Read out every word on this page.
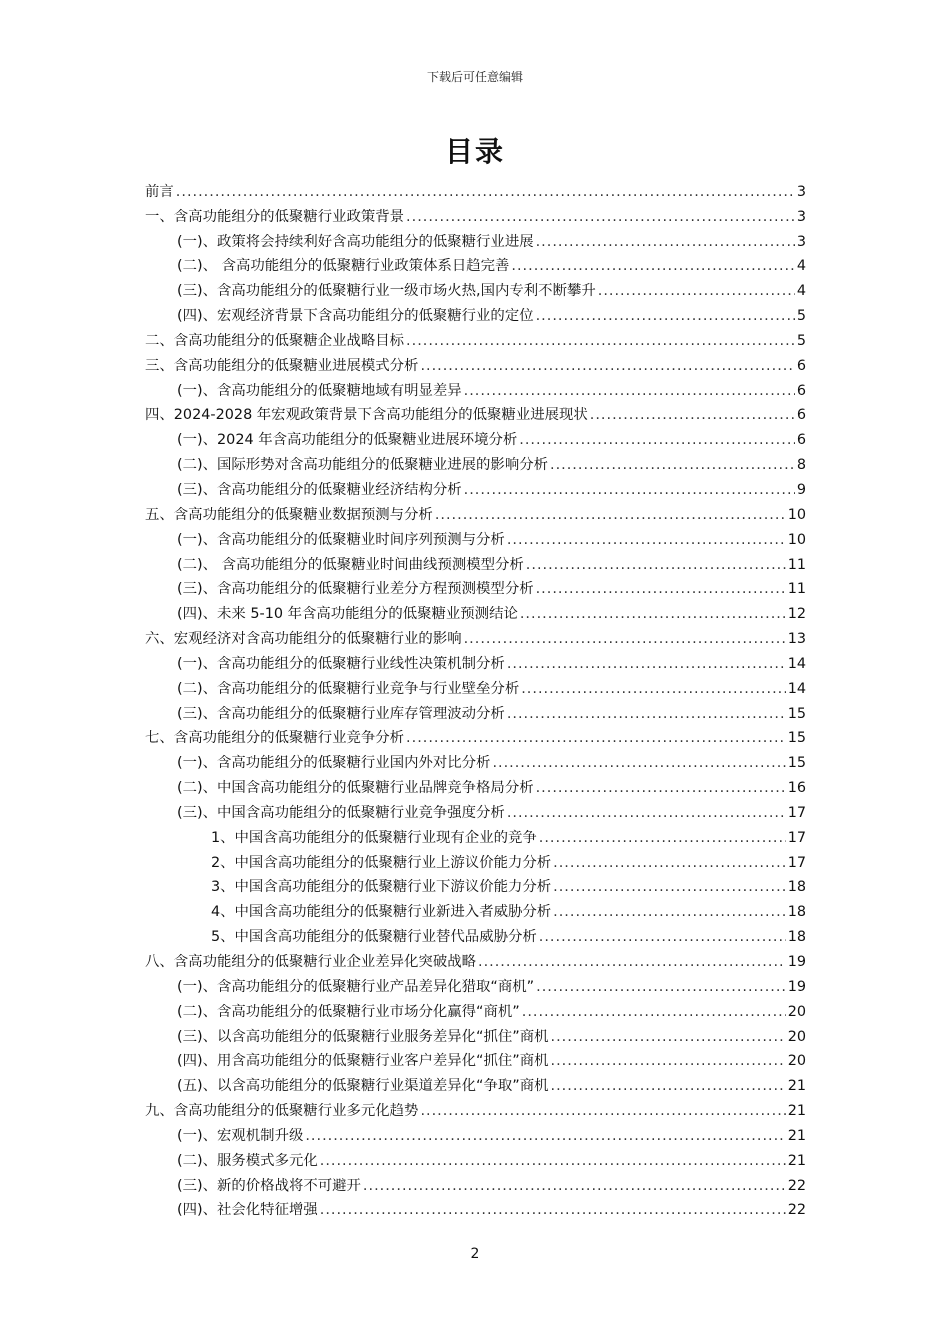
下载后可任意编辑
目录
前言 .....	3
一、含高功能组分的低聚糖行业政策背景 .....	3
(一)、政策将会持续利好含高功能组分的低聚糖行业进展 .....	3
(二)、 含高功能组分的低聚糖行业政策体系日趋完善 .....	4
(三)、含高功能组分的低聚糖行业一级市场火热,国内专利不断攀升 .....	4
(四)、宏观经济背景下含高功能组分的低聚糖行业的定位 .....	5
二、含高功能组分的低聚糖企业战略目标 .....	5
三、含高功能组分的低聚糖业进展模式分析 .....	6
(一)、含高功能组分的低聚糖地域有明显差异 .....	6
四、2024-2028 年宏观政策背景下含高功能组分的低聚糖业进展现状 .....	6
(一)、2024 年含高功能组分的低聚糖业进展环境分析 .....	6
(二)、国际形势对含高功能组分的低聚糖业进展的影响分析 .....	8
(三)、含高功能组分的低聚糖业经济结构分析 .....	9
五、含高功能组分的低聚糖业数据预测与分析 .....	10
(一)、含高功能组分的低聚糖业时间序列预测与分析 .....	10
(二)、 含高功能组分的低聚糖业时间曲线预测模型分析 .....	11
(三)、含高功能组分的低聚糖行业差分方程预测模型分析 .....	11
(四)、未来 5-10 年含高功能组分的低聚糖业预测结论 .....	12
六、宏观经济对含高功能组分的低聚糖行业的影响 .....	13
(一)、含高功能组分的低聚糖行业线性决策机制分析 .....	14
(二)、含高功能组分的低聚糖行业竞争与行业壁垒分析 .....	14
(三)、含高功能组分的低聚糖行业库存管理波动分析 .....	15
七、含高功能组分的低聚糖行业竞争分析 .....	15
(一)、含高功能组分的低聚糖行业国内外对比分析 .....	15
(二)、中国含高功能组分的低聚糖行业品牌竞争格局分析 .....	16
(三)、中国含高功能组分的低聚糖行业竞争强度分析 .....	17
1、中国含高功能组分的低聚糖行业现有企业的竞争 .....	17
2、中国含高功能组分的低聚糖行业上游议价能力分析 .....	17
3、中国含高功能组分的低聚糖行业下游议价能力分析 .....	18
4、中国含高功能组分的低聚糖行业新进入者威胁分析 .....	18
5、中国含高功能组分的低聚糖行业替代品威胁分析 .....	18
八、含高功能组分的低聚糖行业企业差异化突破战略 .....	19
(一)、含高功能组分的低聚糖行业产品差异化猎取“商机” .....	19
(二)、含高功能组分的低聚糖行业市场分化赢得“商机” .....	20
(三)、以含高功能组分的低聚糖行业服务差异化“抓住”商机 .....	20
(四)、用含高功能组分的低聚糖行业客户差异化“抓住”商机 .....	20
(五)、以含高功能组分的低聚糖行业渠道差异化“争取”商机 .....	21
九、含高功能组分的低聚糖行业多元化趋势 .....	21
(一)、宏观机制升级 .....	21
(二)、服务模式多元化 .....	21
(三)、新的价格战将不可避开 .....	22
(四)、社会化特征增强 .....	22
2
